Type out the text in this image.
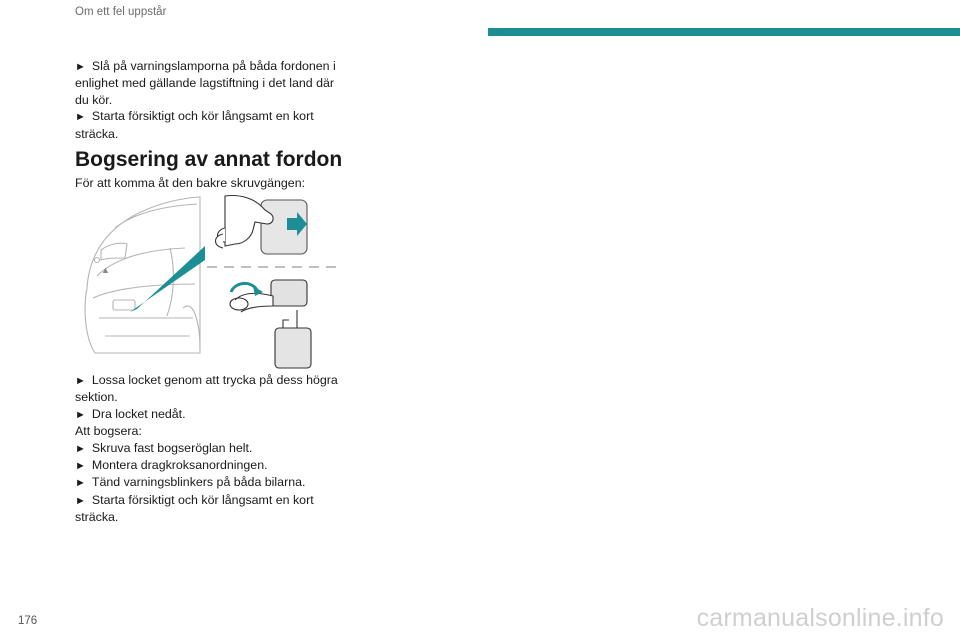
Om ett fel uppstår

► Slå på varningslamporna på båda fordonen i enlighet med gällande lagstiftning i det land där du kör.

► Starta försiktigt och kör långsamt en kort sträcka.

Bogsering av annat fordon
För att komma åt den bakre skruvgängen:
▲

► Lossa locket genom att trycka på dess högra sektion.

► Dra locket nedåt.

Att bogsera:

► Skruva fast bogseröglan helt.

► Montera dragkroksanordningen.

► Tänd varningsblinkers på båda bilarna.

► Starta försiktigt och kör långsamt en kort sträcka.

176	carmanualsonline.info
